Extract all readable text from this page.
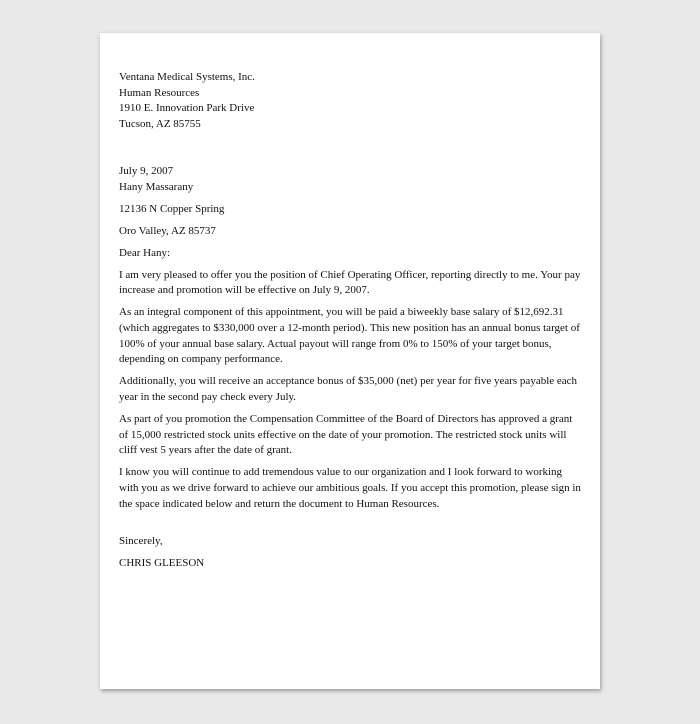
Ventana Medical Systems, Inc.
Human Resources
1910 E. Innovation Park Drive
Tucson, AZ 85755
July 9, 2007
Hany Massarany
12136 N Copper Spring
Oro Valley, AZ 85737
Dear Hany:

I am very pleased to offer you the position of Chief Operating Officer, reporting directly to me. Your pay increase and promotion will be effective on July 9, 2007.

As an integral component of this appointment, you will be paid a biweekly base salary of $12,692.31 (which aggregates to $330,000 over a 12-month period). This new position has an annual bonus target of 100% of your annual base salary. Actual payout will range from 0% to 150% of your target bonus, depending on company performance.

Additionally, you will receive an acceptance bonus of $35,000 (net) per year for five years payable each year in the second pay check every July.

As part of you promotion the Compensation Committee of the Board of Directors has approved a grant of 15,000 restricted stock units effective on the date of your promotion. The restricted stock units will cliff vest 5 years after the date of grant.

I know you will continue to add tremendous value to our organization and I look forward to working with you as we drive forward to achieve our ambitious goals. If you accept this promotion, please sign in the space indicated below and return the document to Human Resources.

Sincerely,
CHRIS GLEESON
